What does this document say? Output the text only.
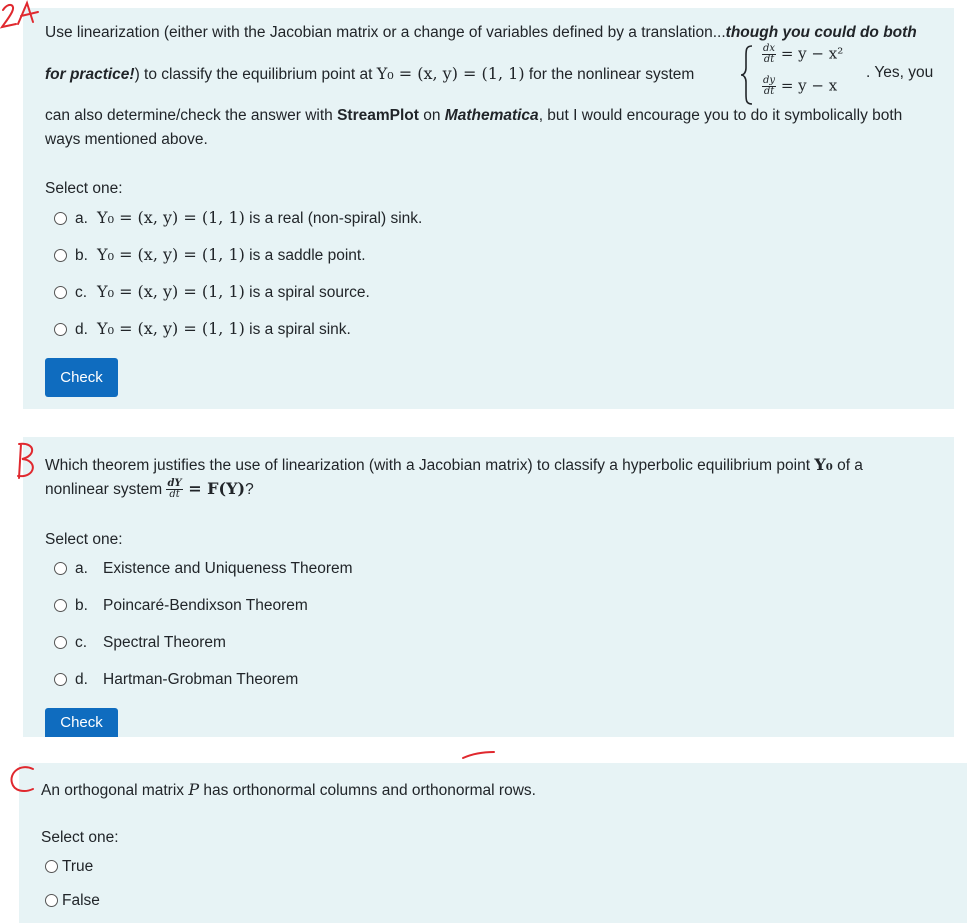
Use linearization (either with the Jacobian matrix or a change of variables defined by a translation...though you could do both
for practice!) to classify the equilibrium point at Y₀ = (x, y) = (1, 1) for the nonlinear system
$\frac{dx}{dt} = y - x^2$
$\frac{dy}{dt} = y - x$
. Yes, you
can also determine/check the answer with StreamPlot on Mathematica, but I would encourage you to do it symbolically both
ways mentioned above.
Select one:
a. Y₀ = (x, y) = (1, 1) is a real (non-spiral) sink.
b. Y₀ = (x, y) = (1, 1) is a saddle point.
c. Y₀ = (x, y) = (1, 1) is a spiral source.
d. Y₀ = (x, y) = (1, 1) is a spiral sink.
Check
Which theorem justifies the use of linearization (with a Jacobian matrix) to classify a hyperbolic equilibrium point Y₀ of a
nonlinear system $\frac{dY}{dt} = F(Y)$?
Select one:
a. Existence and Uniqueness Theorem
b. Poincaré-Bendixson Theorem
c. Spectral Theorem
d. Hartman-Grobman Theorem
Check
An orthogonal matrix P has orthonormal columns and orthonormal rows.
Select one:
True
False
